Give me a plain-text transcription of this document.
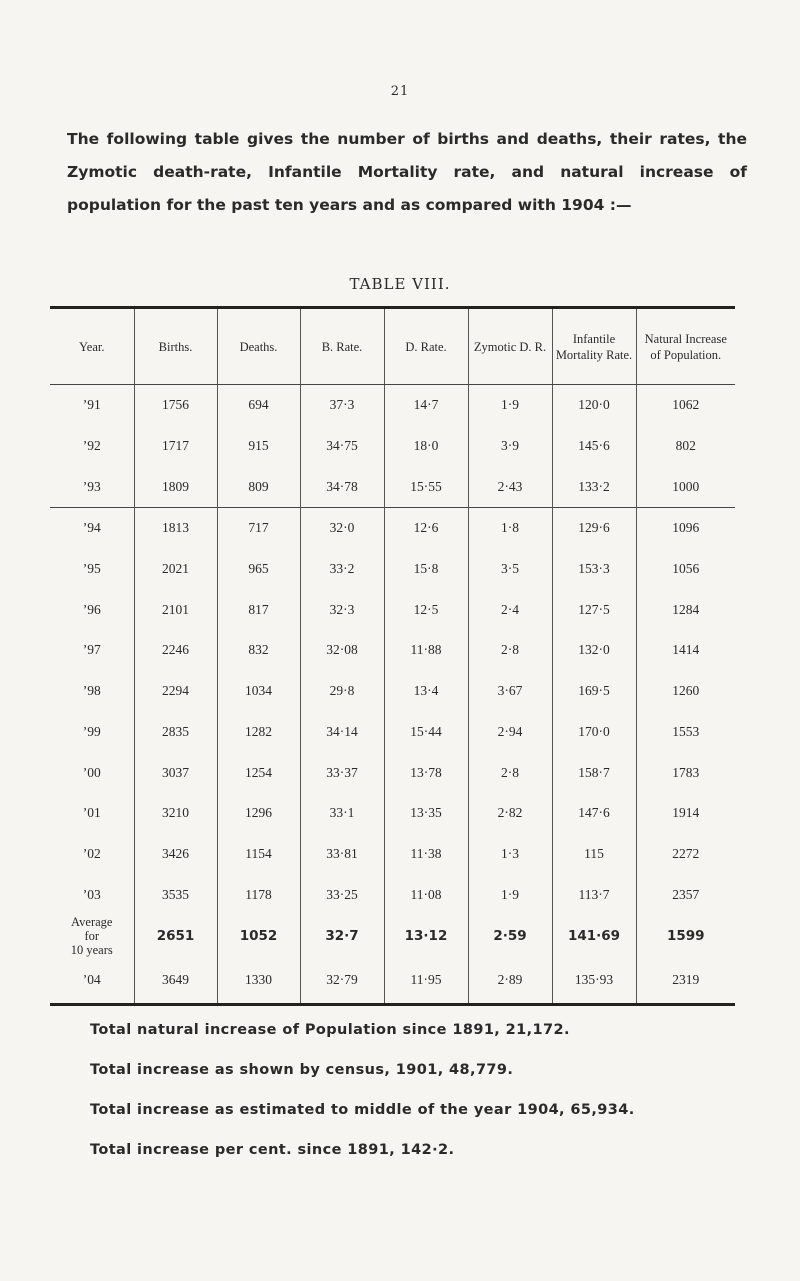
21
The following table gives the number of births and deaths, their rates, the Zymotic death-rate, Infantile Mortality rate, and natural increase of population for the past ten years and as compared with 1904 :—
TABLE VIII.
Year.	Births.	Deaths.	B. Rate.	D. Rate.	Zymotic D. R.	Infantile Mortality Rate.	Natural Increase of Population.
’91	1756	694	37·3	14·7	1·9	120·0	1062
’92	1717	915	34·75	18·0	3·9	145·6	802
’93	1809	809	34·78	15·55	2·43	133·2	1000
’94	1813	717	32·0	12·6	1·8	129·6	1096
’95	2021	965	33·2	15·8	3·5	153·3	1056
’96	2101	817	32·3	12·5	2·4	127·5	1284
’97	2246	832	32·08	11·88	2·8	132·0	1414
’98	2294	1034	29·8	13·4	3·67	169·5	1260
’99	2835	1282	34·14	15·44	2·94	170·0	1553
’00	3037	1254	33·37	13·78	2·8	158·7	1783
’01	3210	1296	33·1	13·35	2·82	147·6	1914
’02	3426	1154	33·81	11·38	1·3	115	2272
’03	3535	1178	33·25	11·08	1·9	113·7	2357

Average
for
10 years	2651	1052	32·7	13·12	2·59	141·69	1599
’04	3649	1330	32·79	11·95	2·89	135·93	2319

Total natural increase of Population since 1891, 21,172.

Total increase as shown by census, 1901, 48,779.

Total increase as estimated to middle of the year 1904, 65,934.

Total increase per cent. since 1891, 142·2.
